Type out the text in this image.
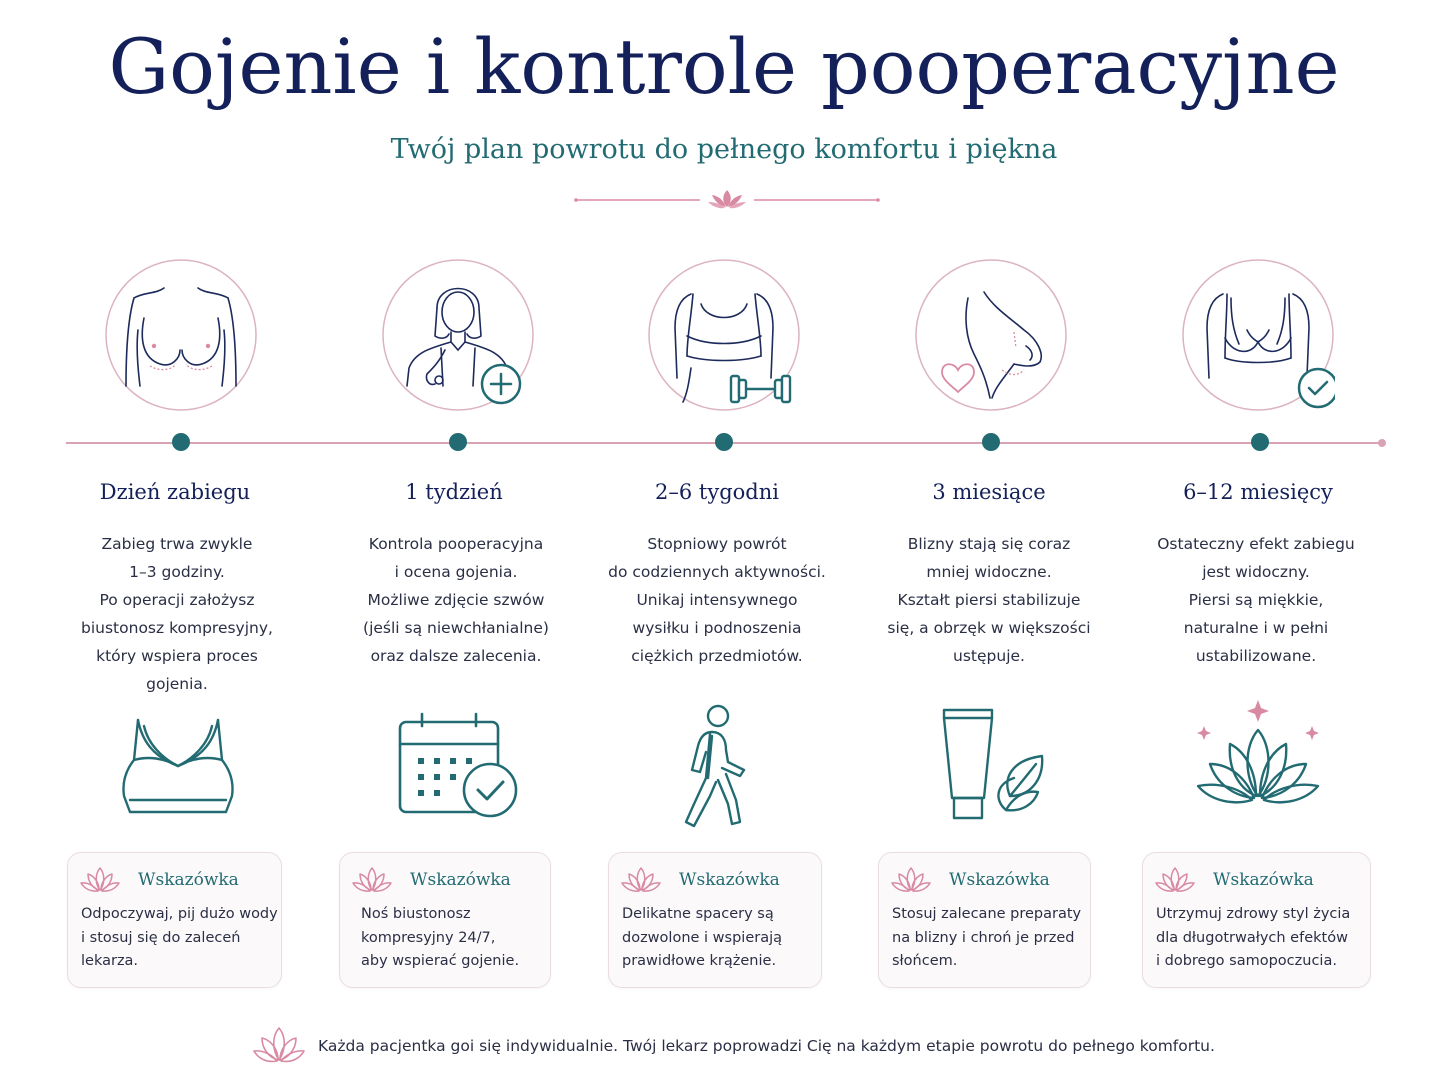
Gojenie i kontrole pooperacyjne
Twój plan powrotu do pełnego komfortu i piękna
Dzień zabiegu	1 tydzień	2–6 tygodni	3 miesiące	6–12 miesięcy
Zabieg trwa zwykle
1–3 godziny.
Po operacji założysz
biustonosz kompresyjny,
który wspiera proces
gojenia.
Kontrola pooperacyjna
i ocena gojenia.
Możliwe zdjęcie szwów
(jeśli są niewchłanialne)
oraz dalsze zalecenia.
Stopniowy powrót
do codziennych aktywności.
Unikaj intensywnego
wysiłku i podnoszenia
ciężkich przedmiotów.
Blizny stają się coraz
mniej widoczne.
Kształt piersi stabilizuje
się, a obrzęk w większości
ustępuje.
Ostateczny efekt zabiegu
jest widoczny.
Piersi są miękkie,
naturalne i w pełni
ustabilizowane.
Wskazówka
Odpoczywaj, pij dużo wody
i stosuj się do zaleceń
lekarza.
Wskazówka
Noś biustonosz
kompresyjny 24/7,
aby wspierać gojenie.
Wskazówka
Delikatne spacery są
dozwolone i wspierają
prawidłowe krążenie.
Wskazówka
Stosuj zalecane preparaty
na blizny i chroń je przed
słońcem.
Wskazówka
Utrzymuj zdrowy styl życia
dla długotrwałych efektów
i dobrego samopoczucia.
Każda pacjentka goi się indywidualnie. Twój lekarz poprowadzi Cię na każdym etapie powrotu do pełnego komfortu.
